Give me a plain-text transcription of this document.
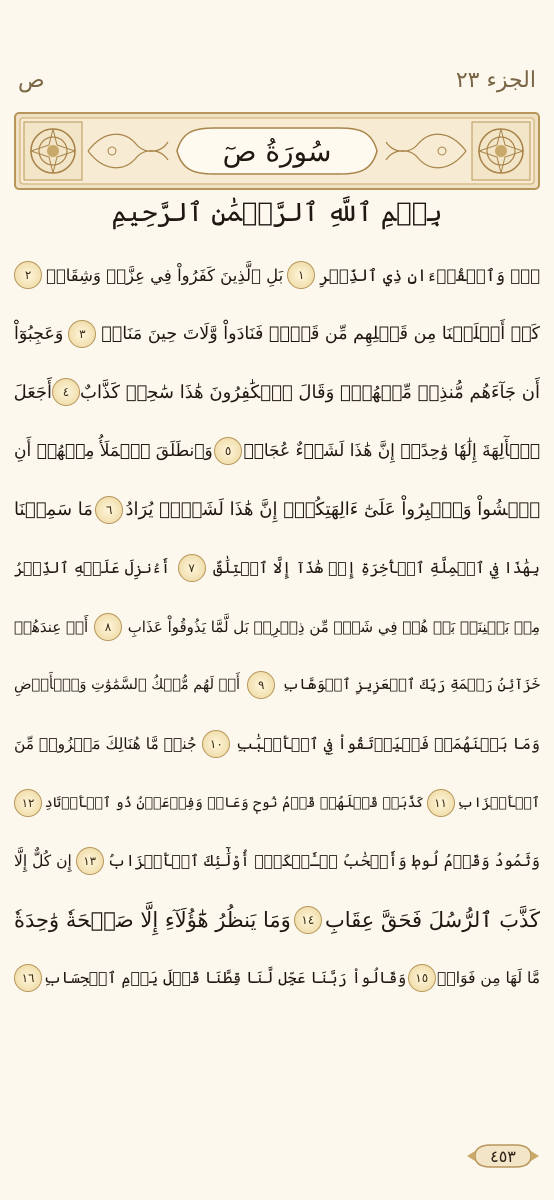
ص	الجزء ٢٣
سُورَةُ صٓ
بِسۡمِ ٱللَّهِ ٱلرَّحۡمَٰنِ ٱلرَّحِيمِ
صٓۚ وَٱلۡقُرۡءَانِ ذِي ٱلذِّكۡرِ
١
بَلِ ٱلَّذِينَ كَفَرُواْ فِي عِزَّةٖ وَشِقَاقٖ
٢
كَمۡ أَهۡلَكۡنَا مِن قَبۡلِهِم مِّن قَرۡنٖ فَنَادَواْ وَّلَاتَ حِينَ مَنَاصٖ
٣
وَعَجِبُوٓاْ
أَن جَآءَهُم مُّنذِرٞ مِّنۡهُمۡۖ وَقَالَ ٱلۡكَٰفِرُونَ هَٰذَا سَٰحِرٞ كَذَّابٌ
٤
أَجَعَلَ
ٱلۡأٓلِهَةَ إِلَٰهٗا وَٰحِدًاۖ إِنَّ هَٰذَا لَشَيۡءٌ عُجَابٞ
٥
وَٱنطَلَقَ ٱلۡمَلَأُ مِنۡهُمۡ أَنِ
ٱمۡشُواْ وَٱصۡبِرُواْ عَلَىٰٓ ءَالِهَتِكُمۡۖ إِنَّ هَٰذَا لَشَيۡءٞ يُرَادُ
٦
مَا سَمِعۡنَا
بِهَٰذَا فِي ٱلۡمِلَّةِ ٱلۡأٓخِرَةِ إِنۡ هَٰذَآ إِلَّا ٱخۡتِلَٰقٌ
٧
أَءُنزِلَ عَلَيۡهِ ٱلذِّكۡرُ
مِنۢ بَيۡنِنَاۚ بَلۡ هُمۡ فِي شَكّٖ مِّن ذِكۡرِيۚ بَل لَّمَّا يَذُوقُواْ عَذَابِ
٨
أَمۡ عِندَهُمۡ
خَزَآئِنُ رَحۡمَةِ رَبِّكَ ٱلۡعَزِيزِ ٱلۡوَهَّابِ
٩
أَمۡ لَهُم مُّلۡكُ ٱلسَّمَٰوَٰتِ وَٱلۡأَرۡضِ
وَمَا بَيۡنَهُمَاۖ فَلۡيَرۡتَقُواْ فِي ٱلۡأَسۡبَٰبِ
١٠
جُندٞ مَّا هُنَالِكَ مَهۡزُومٞ مِّنَ
ٱلۡأَحۡزَابِ
١١
كَذَّبَتۡ قَبۡلَهُمۡ قَوۡمُ نُوحٖ وَعَادٞ وَفِرۡعَوۡنُ ذُو ٱلۡأَوۡتَادِ
١٢
وَثَمُودُ وَقَوۡمُ لُوطٖ وَأَصۡحَٰبُ لۡـَٔيۡكَةِۚ أُوْلَٰٓئِكَ ٱلۡأَحۡزَابُ
١٣
إِن كُلٌّ إِلَّا
كَذَّبَ ٱلرُّسُلَ فَحَقَّ عِقَابِ
١٤
وَمَا يَنظُرُ هَٰٓؤُلَآءِ إِلَّا صَيۡحَةٗ وَٰحِدَةٗ
مَّا لَهَا مِن فَوَاقٖ
١٥
وَقَالُواْ رَبَّنَا عَجِّل لَّنَا قِطَّنَا قَبۡلَ يَوۡمِ ٱلۡحِسَابِ
١٦
٤٥٣
